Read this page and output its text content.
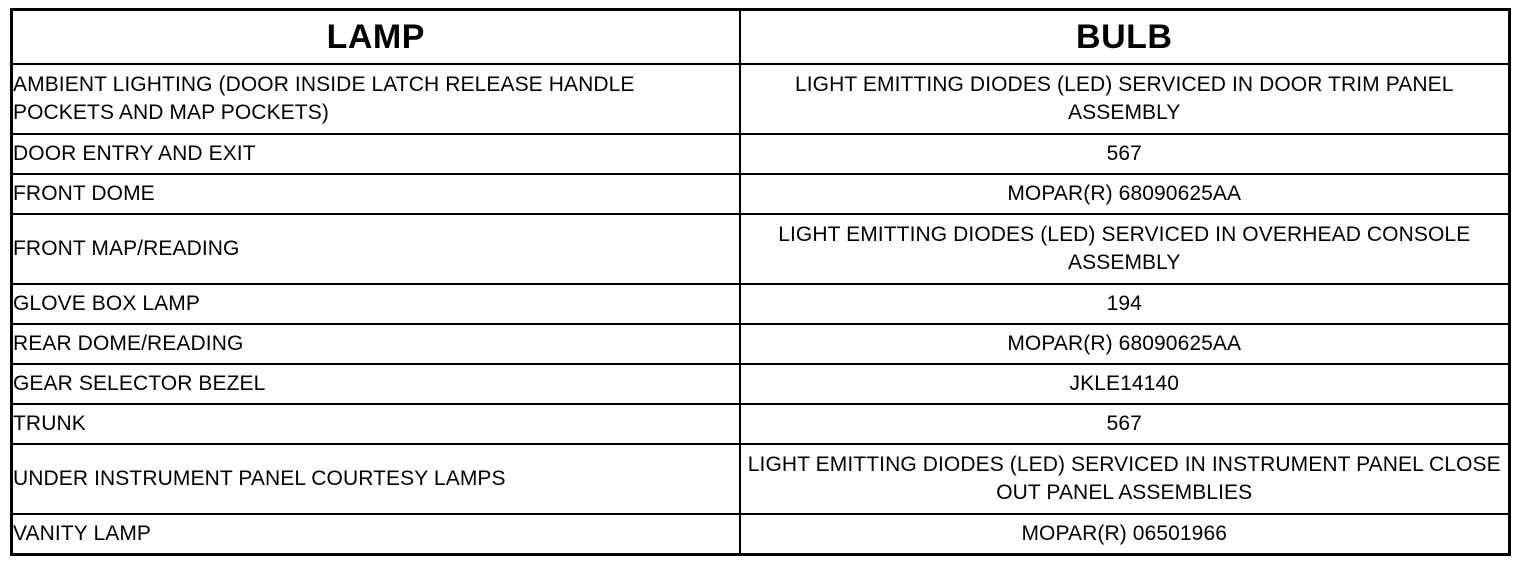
LAMP	BULB
AMBIENT LIGHTING (DOOR INSIDE LATCH RELEASE HANDLE POCKETS AND MAP POCKETS)	LIGHT EMITTING DIODES (LED) SERVICED IN DOOR TRIM PANEL ASSEMBLY
DOOR ENTRY AND EXIT	567
FRONT DOME	MOPAR(R) 68090625AA
FRONT MAP/READING	LIGHT EMITTING DIODES (LED) SERVICED IN OVERHEAD CONSOLE ASSEMBLY
GLOVE BOX LAMP	194
REAR DOME/READING	MOPAR(R) 68090625AA
GEAR SELECTOR BEZEL	JKLE14140
TRUNK	567
UNDER INSTRUMENT PANEL COURTESY LAMPS	LIGHT EMITTING DIODES (LED) SERVICED IN INSTRUMENT PANEL CLOSE OUT PANEL ASSEMBLIES
VANITY LAMP	MOPAR(R) 06501966
